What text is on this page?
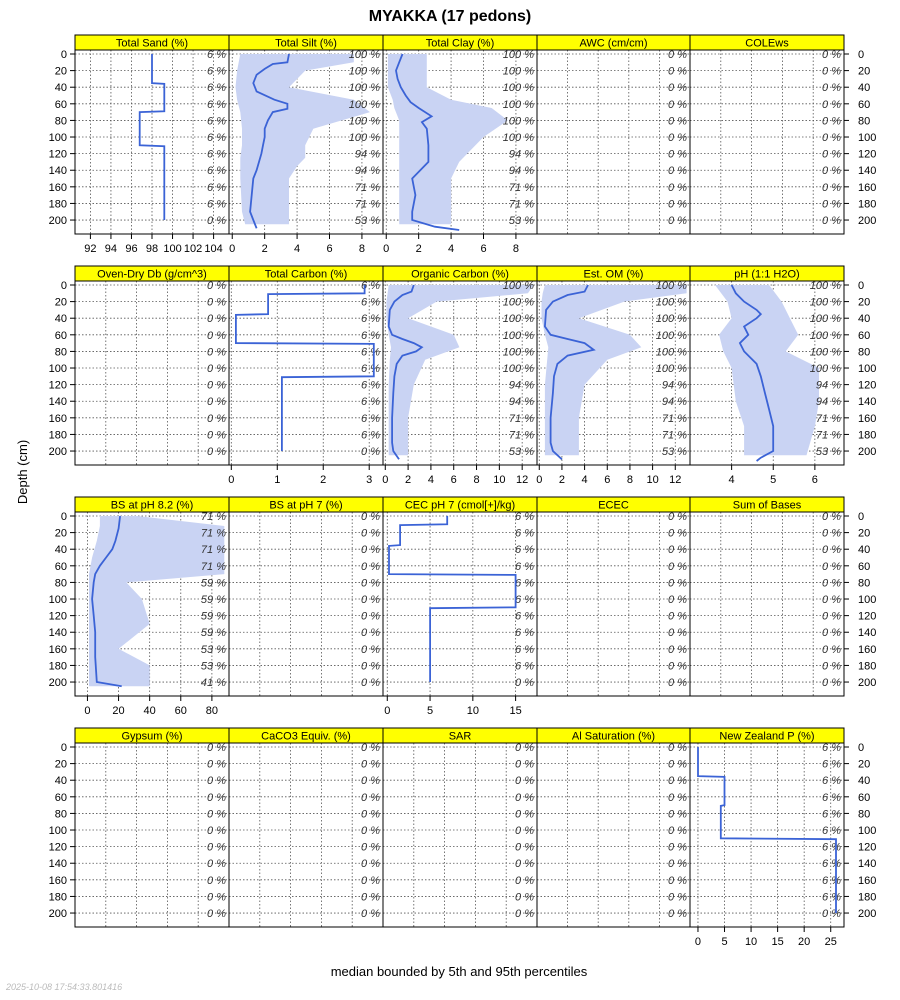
MYAKKA (17 pedons)
Total Sand (%)
6 %
6 %
6 %
6 %
6 %
6 %
6 %
6 %
6 %
6 %
0 %
92 94 96 98 100 102 104
Total Silt (%)
100 %
100 %
100 %
100 %
100 %
100 %
94 %
94 %
71 %
71 %
53 %
0 2 4 6 8
Total Clay (%)
100 %
100 %
100 %
100 %
100 %
100 %
94 %
94 %
71 %
71 %
53 %
0 2 4 6 8
AWC (cm/cm)
0 %
0 %
0 %
0 %
0 %
0 %
0 %
0 %
0 %
0 %
0 %
COLEws
0 %
0 %
0 %
0 %
0 %
0 %
0 %
0 %
0 %
0 %
0 %
Oven-Dry Db (g/cm^3)
0 %
0 %
0 %
0 %
0 %
0 %
0 %
0 %
0 %
0 %
0 %
Total Carbon (%)
6 %
6 %
6 %
6 %
6 %
6 %
6 %
6 %
6 %
6 %
0 %
0	1	2	3
Organic Carbon (%)
100 %
100 %
100 %
100 %
100 %
100 %
94 %
94 %
71 %
71 %
53 %
0 2 4 6 8 10 12
Est. OM (%)
100 %
100 %
100 %
100 %
100 %
100 %
94 %
94 %
71 %
71 %
53 %
0 2 4 6 8 10 12
pH (1:1 H2O)
100 %
100 %
100 %
100 %
100 %
100 %
94 %
94 %
71 %
71 %
53 %
4	5	6
BS at pH 8.2 (%)
71 %
71 %
71 %
71 %
59 %
59 %
59 %
59 %
53 %
53 %
41 %
0 20 40 60 80
BS at pH 7 (%)
0 %
0 %
0 %
0 %
0 %
0 %
0 %
0 %
0 %
0 %
0 %
CEC pH 7 (cmol[+]/kg)
6 %
6 %
6 %
6 %
6 %
6 %
6 %
6 %
6 %
6 %
0 %
0	5	10	15
ECEC
0 %
0 %
0 %
0 %
0 %
0 %
0 %
0 %
0 %
0 %
0 %
Sum of Bases
0 %
0 %
0 %
0 %
0 %
0 %
0 %
0 %
0 %
0 %
0 %
Gypsum (%)
0 %
0 %
0 %
0 %
0 %
0 %
0 %
0 %
0 %
0 %
0 %
CaCO3 Equiv. (%)
0 %
0 %
0 %
0 %
0 %
0 %
0 %
0 %
0 %
0 %
0 %
SAR
0 %
0 %
0 %
0 %
0 %
0 %
0 %
0 %
0 %
0 %
0 %
Al Saturation (%)
0 %
0 %
0 %
0 %
0 %
0 %
0 %
0 %
0 %
0 %
0 %
New Zealand P (%)
6 %
6 %
6 %
6 %
6 %
6 %
6 %
6 %
6 %
6 %
0 %
0 5 10 15 20 25
0	0
20	20
40	40
60	60
80	80
100	100
120	120
140	140
160	160
180	180
200	200
0	0
20	20
40	40
60	60
80	80
100	100
120	120
140	140
160	160
180	180
200	200
0	0
20	20
40	40
60	60
80	80
100	100
120	120
140	140
160	160
180	180
200	200
0	0
20	20
40	40
60	60
80	80
100	100
120	120
140	140
160	160
180	180
200	200
median bounded by 5th and 95th percentiles
Depth (cm)
2025-10-08 17:54:33.801416
